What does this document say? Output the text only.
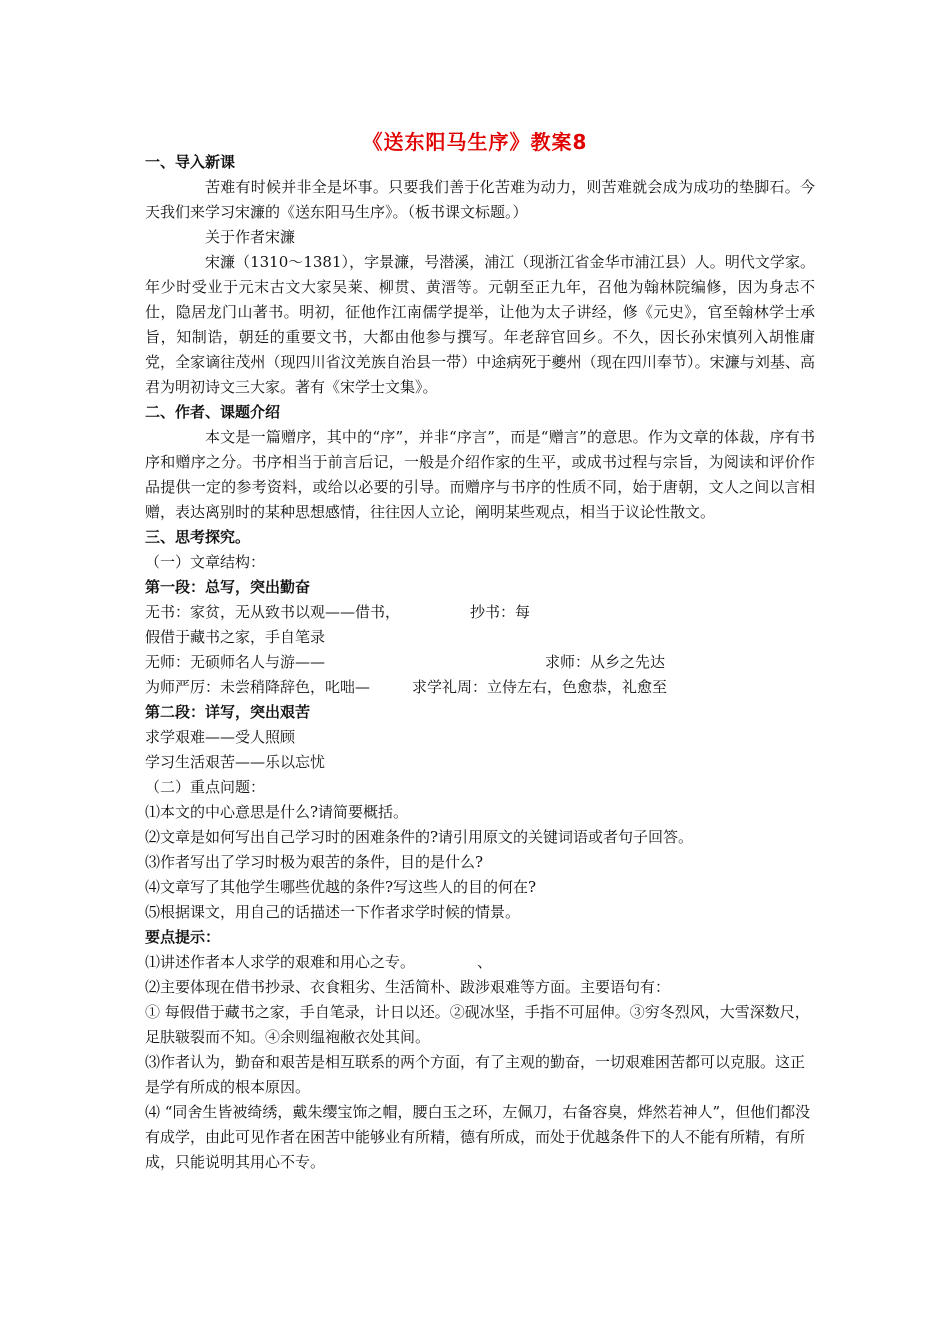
《送东阳马生序》教案8

一、导入新课

苦难有时候并非全是坏事。只要我们善于化苦难为动力，则苦难就会成为成功的垫脚石。今天我们来学习宋濂的《送东阳马生序》。（板书课文标题。）

关于作者宋濂

宋濂（1310～1381），字景濂，号潜溪，浦江（现浙江省金华市浦江县）人。明代文学家。年少时受业于元末古文大家吴莱、柳贯、黄溍等。元朝至正九年，召他为翰林院编修，因为身志不仕，隐居龙门山著书。明初，征他作江南儒学提举，让他为太子讲经，修《元史》，官至翰林学士承旨，知制诰，朝廷的重要文书，大都由他参与撰写。年老辞官回乡。不久，因长孙宋慎列入胡惟庸党，全家谪往茂州（现四川省汶羌族自治县一带）中途病死于夔州（现在四川奉节）。宋濂与刘基、高君为明初诗文三大家。著有《宋学士文集》。

二、作者、课题介绍

本文是一篇赠序，其中的“序”，并非“序言”，而是“赠言”的意思。作为文章的体裁，序有书序和赠序之分。书序相当于前言后记，一般是介绍作家的生平，或成书过程与宗旨，为阅读和评价作品提供一定的参考资料，或给以必要的引导。而赠序与书序的性质不同，始于唐朝，文人之间以言相赠，表达离别时的某种思想感情，往往因人立论，阐明某些观点，相当于议论性散文。

三、思考探究。

（一）文章结构：

第一段：总写，突出勤奋

无书：家贫，无从致书以观——借书，	抄书：每

假借于藏书之家，手自笔录

无师：无硕师名人与游——	求师：从乡之先达
为师严厉：未尝稍降辞色，叱咄—	求学礼周：立侍左右，色愈恭，礼愈至

第二段：详写，突出艰苦

求学艰难——受人照顾

学习生活艰苦——乐以忘忧

（二）重点问题：

⑴本文的中心意思是什么?请简要概括。

⑵文章是如何写出自己学习时的困难条件的?请引用原文的关键词语或者句子回答。

⑶作者写出了学习时极为艰苦的条件，目的是什么?

⑷文章写了其他学生哪些优越的条件?写这些人的目的何在?

⑸根据课文，用自己的话描述一下作者求学时候的情景。

要点提示：

⑴讲述作者本人求学的艰难和用心之专。	、

⑵主要体现在借书抄录、衣食粗劣、生活简朴、跋涉艰难等方面。主要语句有：

① 每假借于藏书之家，手自笔录，计日以还。②砚冰坚，手指不可屈伸。③穷冬烈风，大雪深数尺，足肤皲裂而不知。④余则缊袍敝衣处其间。

⑶作者认为，勤奋和艰苦是相互联系的两个方面，有了主观的勤奋，一切艰难困苦都可以克服。这正是学有所成的根本原因。

⑷ “同舍生皆被绮绣，戴朱缨宝饰之帽，腰白玉之环，左佩刀，右备容臭，烨然若神人”，但他们都没有成学，由此可见作者在困苦中能够业有所精，德有所成，而处于优越条件下的人不能有所精，有所成，只能说明其用心不专。
